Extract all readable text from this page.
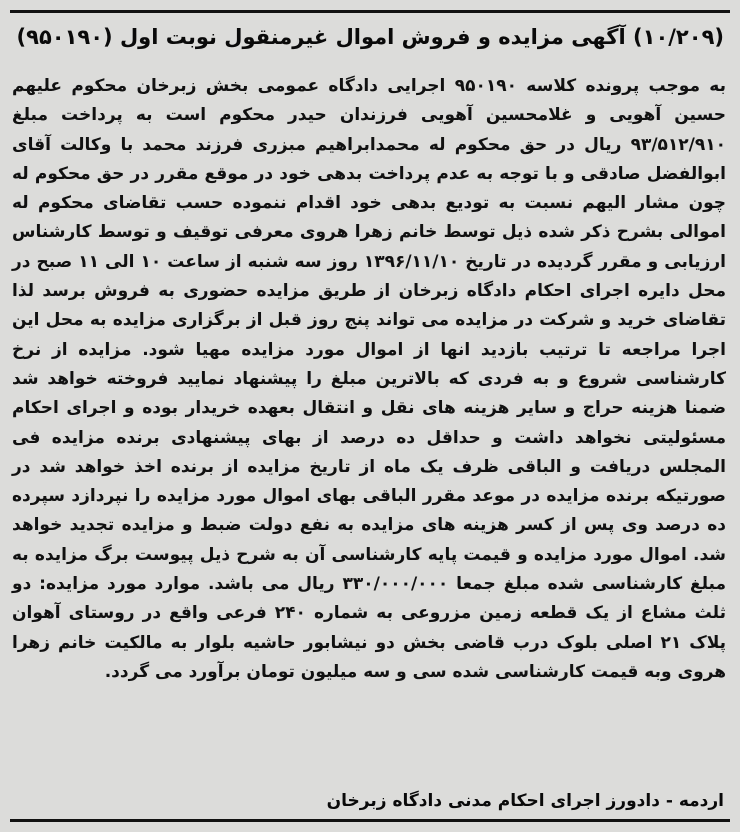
(۱۰/۲۰۹) آگهی مزایده و فروش اموال غیرمنقول نوبت اول (۹۵۰۱۹۰)

به موجب پرونده کلاسه ۹۵۰۱۹۰ اجرایی دادگاه عمومی بخش زبرخان محکوم علیهم حسین آهویی و غلامحسین آهویی فرزندان حیدر محکوم است به پرداخت مبلغ ۹۳/۵۱۲/۹۱۰ ریال در حق محکوم له محمدابراهیم مبزری فرزند محمد با وکالت آقای ابوالفضل صادقی و با توجه به عدم پرداخت بدهی خود در موقع مقرر در حق محکوم له چون مشار الیهم نسبت به تودیع بدهی خود اقدام ننموده حسب تقاضای محکوم له اموالی بشرح ذکر شده ذیل توسط خانم زهرا هروی معرفی توقیف و توسط کارشناس ارزیابی و مقرر گردیده در تاریخ ۱۳۹۶/۱۱/۱۰ روز سه شنبه از ساعت ۱۰ الی ۱۱ صبح در محل دایره اجرای احکام دادگاه زبرخان از طریق مزایده حضوری به فروش برسد لذا تقاضای خرید و شرکت در مزایده می تواند پنج روز قبل از برگزاری مزایده به محل این اجرا مراجعه تا ترتیب بازدید انها از اموال مورد مزایده مهیا شود. مزایده از نرخ کارشناسی شروع و به فردی که بالاترین مبلغ را پیشنهاد نمایید فروخته خواهد شد ضمنا هزینه حراج و سایر هزینه های نقل و انتقال بعهده خریدار بوده و اجرای احکام مسئولیتی نخواهد داشت و حداقل ده درصد از بهای پیشنهادی برنده مزایده فی المجلس دریافت و الباقی ظرف یک ماه از تاریخ مزایده از برنده اخذ خواهد شد در صورتیکه برنده مزایده در موعد مقرر الباقی بهای اموال مورد مزایده را نپردازد سپرده ده درصد وی پس از کسر هزینه های مزایده به نفع دولت ضبط و مزایده تجدید خواهد شد. اموال مورد مزایده و قیمت پایه کارشناسی آن به شرح ذیل پیوست برگ مزایده به مبلغ کارشناسی شده مبلغ جمعا ۳۳۰/۰۰۰/۰۰۰ ریال می باشد. موارد مورد مزایده: دو ثلث مشاع از یک قطعه زمین مزروعی به شماره ۲۴۰ فرعی واقع در روستای آهوان پلاک ۲۱ اصلی بلوک درب قاضی بخش دو نیشابور حاشیه بلوار به مالکیت خانم زهرا هروی وبه قیمت کارشناسی شده سی و سه میلیون تومان برآورد می گردد.

اردمه - دادورز اجرای احکام مدنی دادگاه زبرخان
